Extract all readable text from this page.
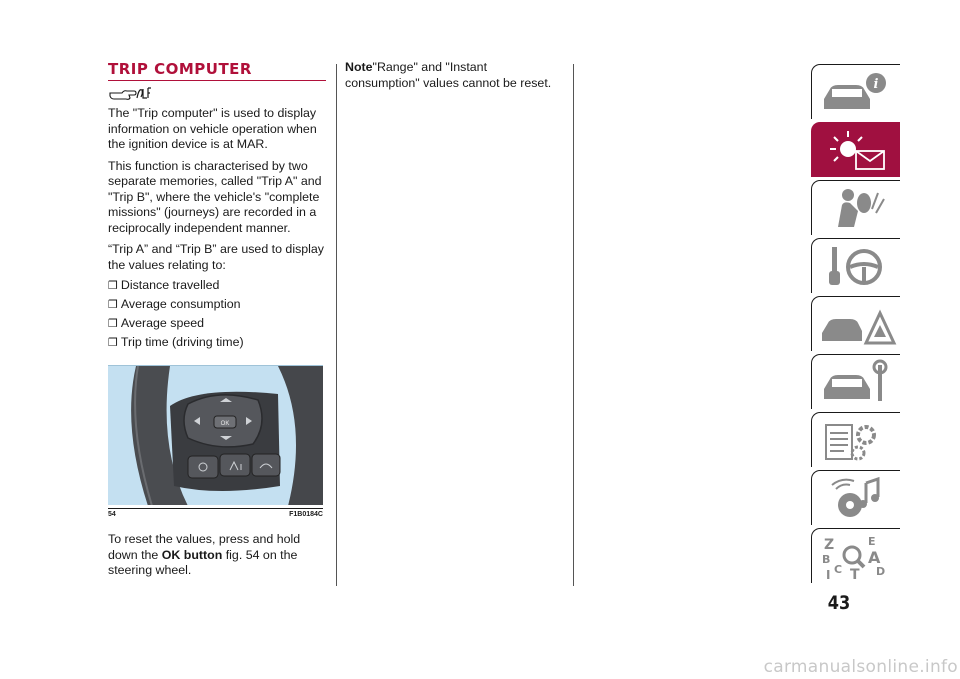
TRIP COMPUTER

The "Trip computer" is used to display information on vehicle operation when the ignition device is at MAR.

This function is characterised by two separate memories, called "Trip A" and "Trip B", where the vehicle's "complete missions" (journeys) are recorded in a reciprocally independent manner.

“Trip A” and “Trip B” are used to display the values relating to:

❒ Distance travelled
❒ Average consumption
❒ Average speed
❒ Trip time (driving time)
OK
54	F1B0184C

To reset the values, press and hold down the OK button fig. 54 on the steering wheel.

Note"Range" and "Instant consumption" values cannot be reset.	i
Z	E
B A
C	D
T
I
43
carmanualsonline.info
